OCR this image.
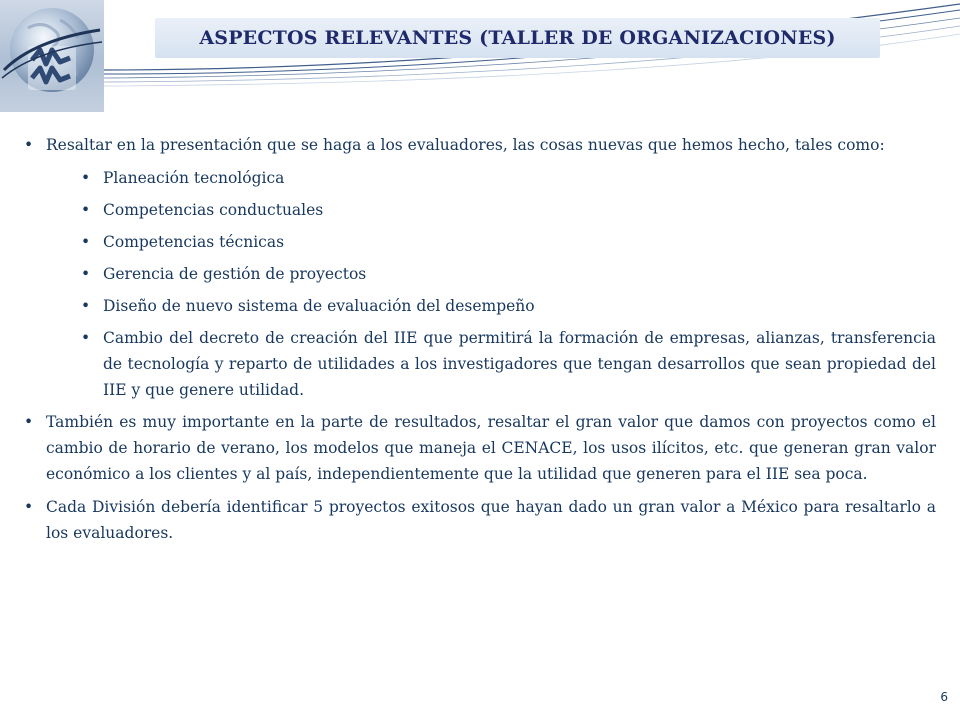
ASPECTOS RELEVANTES (TALLER DE ORGANIZACIONES)
• Resaltar en la presentación que se haga a los evaluadores, las cosas nuevas que hemos hecho, tales como:
• Planeación tecnológica
• Competencias conductuales
• Competencias técnicas
• Gerencia de gestión de proyectos
• Diseño de nuevo sistema de evaluación del desempeño
• Cambio del decreto de creación del IIE que permitirá la formación de empresas, alianzas, transferencia de tecnología y reparto de utilidades a los investigadores que tengan desarrollos que sean propiedad del IIE y que genere utilidad.
• También es muy importante en la parte de resultados, resaltar el gran valor que damos con proyectos como el cambio de horario de verano, los modelos que maneja el CENACE, los usos ilícitos, etc. que generan gran valor económico a los clientes y al país, independientemente que la utilidad que generen para el IIE sea poca.
• Cada División debería identificar 5 proyectos exitosos que hayan dado un gran valor a México para resaltarlo a los evaluadores.
6
